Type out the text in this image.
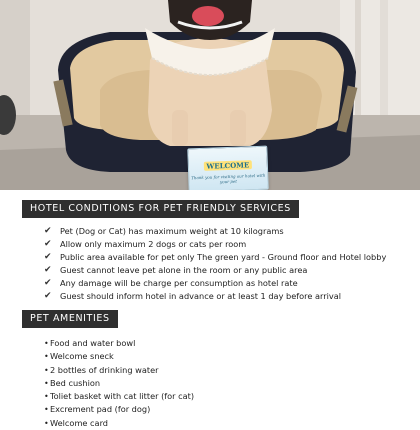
WELCOME
Thank you for visiting our hotel with your pet
HOTEL CONDITIONS FOR PET FRIENDLY SERVICES
✔ Pet (Dog or Cat) has maximum weight at 10 kilograms
✔ Allow only maximum 2 dogs or cats per room
✔ Public area available for pet only The green yard - Ground floor and Hotel lobby
✔ Guest cannot leave pet alone in the room or any public area
✔ Any damage will be charge per consumption as hotel rate
✔ Guest should inform hotel in advance or at least 1 day before arrival
PET AMENITIES
•Food and water bowl
•Welcome sneck
•2 bottles of drinking water
•Bed cushion
•Toliet basket with cat litter (for cat)
•Excrement pad (for dog)
•Welcome card
